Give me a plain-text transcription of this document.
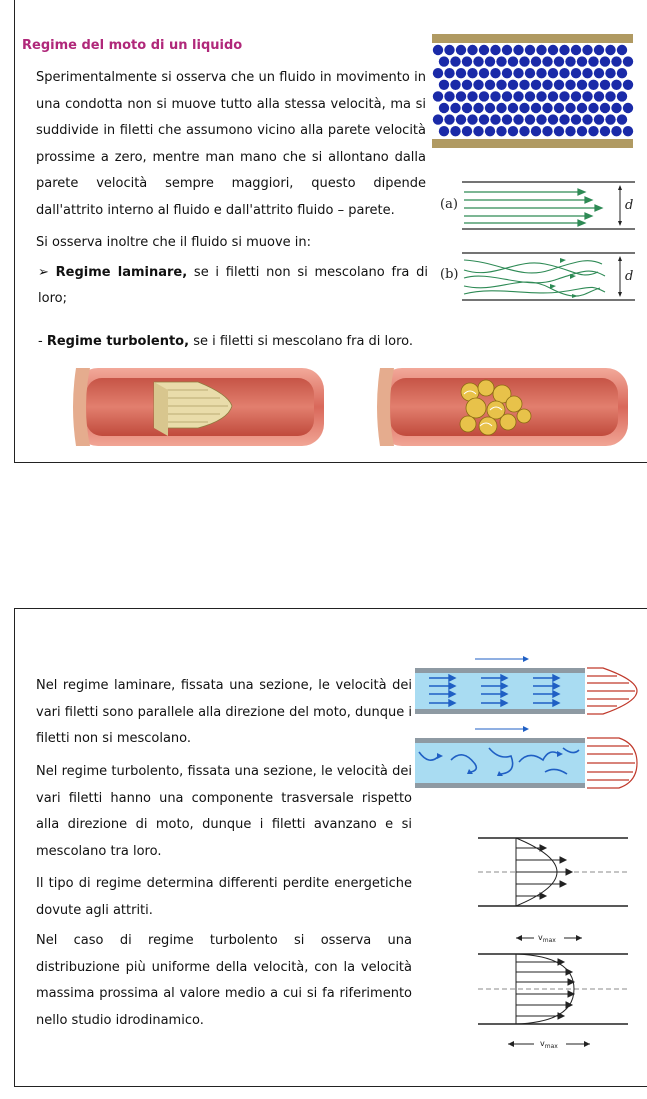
Regime del moto di un liquido

Sperimentalmente si osserva che un fluido in movimento in una condotta non si muove tutto alla stessa velocità, ma si suddivide in filetti che assumono vicino alla parete velocità prossime a zero, mentre man mano che si allontano dalla parete velocità sempre maggiori, questo dipende dall'attrito interno al fluido e dall'attrito fluido – parete.

Si osserva inoltre che il fluido si muove in:

➢ Regime laminare, se i filetti non si mescolano fra di loro;

- Regime turbolento, se i filetti si mescolano fra di loro.

(a)	d
(b)	d

Nel regime laminare, fissata una sezione, le velocità dei vari filetti sono parallele alla direzione del moto, dunque i filetti non si mescolano.

Nel regime turbolento, fissata una sezione, le velocità dei vari filetti hanno una componente trasversale rispetto alla direzione di moto, dunque i filetti avanzano e si mescolano tra loro.

Il tipo di regime determina differenti perdite energetiche dovute agli attriti.

Nel caso di regime turbolento si osserva una distribuzione più uniforme della velocità, con la velocità massima prossima al valore medio a cui si fa riferimento nello studio idrodinamico.

$v_{max}$
$v_{max}$
